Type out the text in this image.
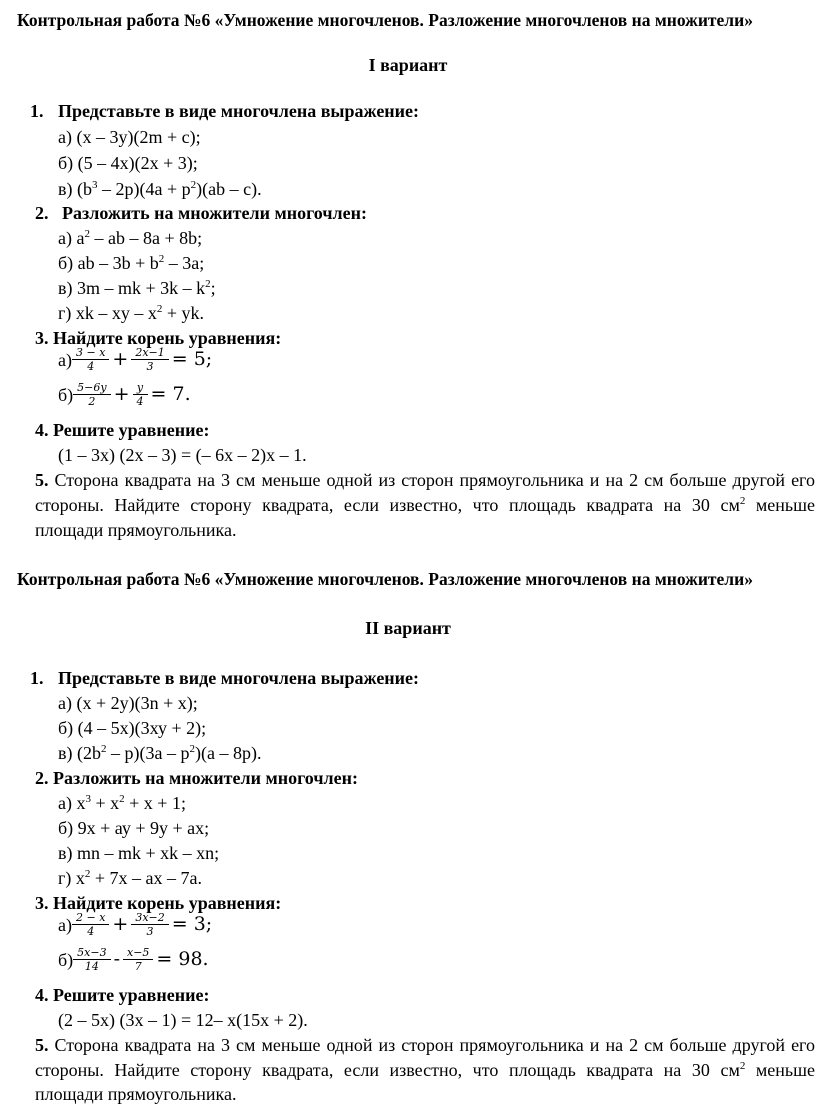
Контрольная работа №6 «Умножение многочленов. Разложение многочленов на множители»
I вариант
1. Представьте в виде многочлена выражение:
а) (х – 3у)(2m + с);
б) (5 – 4х)(2х + 3);
в) $(b^3 - 2р)(4а + р^2)(аb - с)$.
2. Разложить на множители многочлен:
а) $а^2$ – ab – 8a + 8b;
б) ab – $3b + b^2 - 3a$;
в) 3m – mk + $3k - k^2$;
г) xk – xy – $x^2$ + yk.
3. Найдите корень уравнения:
$а) \frac{\text{3 − 𝑥}}{4} + \frac{\text{2𝑥−1}}{3} = 5$;
$б) \frac{\text{5−6𝑦}}{2} + \frac{\text{𝑦}}{4} = 7$.
4. Решите уравнение:
(1 – 3х) (2х – 3) = (– 6х – 2)х – 1.
5. Сторона квадрата на 3 см меньше одной из сторон прямоугольника и на 2 см больше другой его
стороны. Найдите сторону квадрата, если известно, что площадь квадрата на 30 $см^2$ меньше
площади прямоугольника.
Контрольная работа №6 «Умножение многочленов. Разложение многочленов на множители»
II вариант
1. Представьте в виде многочлена выражение:
а) (х + 2у)(3n + х);
б) (4 – 5х)(3ху + 2);
в) $(2b^2 - р)(3а - р^2)(а - 8р)$.
2. Разложить на множители многочлен:
а) $х^3 + х^2 + х + 1$;
б) 9х + ау + 9у + ах;
в) mn – mk + xk – xn;
г) $х^2 + 7х$ – ах – 7а.
3. Найдите корень уравнения:
$а) \frac{\text{2 − 𝑥}}{4} + \frac{\text{3𝑥−2}}{3} = 3$;
$б) \frac{\text{5𝑥−3}}{14} - \frac{\text{𝑥−5}}{7} = 98$.
4. Решите уравнение:
(2 – 5х) (3х – 1) = 12– х(15х + 2).
5. Сторона квадрата на 3 см меньше одной из сторон прямоугольника и на 2 см больше другой его
стороны. Найдите сторону квадрата, если известно, что площадь квадрата на 30 $см^2$ меньше
площади прямоугольника.
